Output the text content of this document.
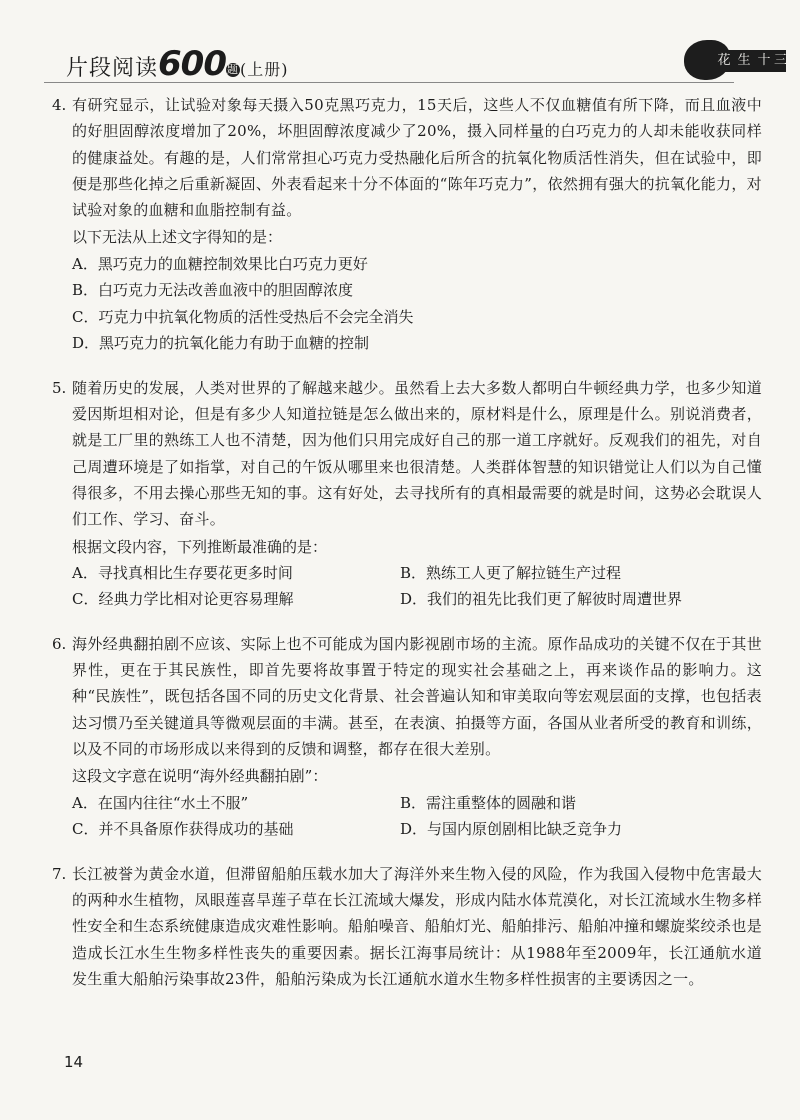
片段阅读600题(上册)	花 生 十 三
4. 有研究显示，让试验对象每天摄入50克黑巧克力，15天后，这些人不仅血糖值有所下降，而且血液中的好胆固醇浓度增加了20%，坏胆固醇浓度减少了20%，摄入同样量的白巧克力的人却未能收获同样的健康益处。有趣的是，人们常常担心巧克力受热融化后所含的抗氧化物质活性消失，但在试验中，即便是那些化掉之后重新凝固、外表看起来十分不体面的“陈年巧克力”，依然拥有强大的抗氧化能力，对试验对象的血糖和血脂控制有益。
以下无法从上述文字得知的是：
A．黑巧克力的血糖控制效果比白巧克力更好
B．白巧克力无法改善血液中的胆固醇浓度
C．巧克力中抗氧化物质的活性受热后不会完全消失
D．黑巧克力的抗氧化能力有助于血糖的控制
5. 随着历史的发展，人类对世界的了解越来越少。虽然看上去大多数人都明白牛顿经典力学，也多少知道爱因斯坦相对论，但是有多少人知道拉链是怎么做出来的，原材料是什么，原理是什么。别说消费者，就是工厂里的熟练工人也不清楚，因为他们只用完成好自己的那一道工序就好。反观我们的祖先，对自己周遭环境是了如指掌，对自己的午饭从哪里来也很清楚。人类群体智慧的知识错觉让人们以为自己懂得很多，不用去操心那些无知的事。这有好处，去寻找所有的真相最需要的就是时间，这势必会耽误人们工作、学习、奋斗。
根据文段内容，下列推断最准确的是：
A．寻找真相比生存要花更多时间	B．熟练工人更了解拉链生产过程
C．经典力学比相对论更容易理解	D．我们的祖先比我们更了解彼时周遭世界
6. 海外经典翻拍剧不应该、实际上也不可能成为国内影视剧市场的主流。原作品成功的关键不仅在于其世界性，更在于其民族性，即首先要将故事置于特定的现实社会基础之上，再来谈作品的影响力。这种“民族性”，既包括各国不同的历史文化背景、社会普遍认知和审美取向等宏观层面的支撑，也包括表达习惯乃至关键道具等微观层面的丰满。甚至，在表演、拍摄等方面，各国从业者所受的教育和训练，以及不同的市场形成以来得到的反馈和调整，都存在很大差别。
这段文字意在说明“海外经典翻拍剧”：
A．在国内往往“水土不服”	B．需注重整体的圆融和谐
C．并不具备原作获得成功的基础	D．与国内原创剧相比缺乏竞争力
7. 长江被誉为黄金水道，但滞留船舶压载水加大了海洋外来生物入侵的风险，作为我国入侵物中危害最大的两种水生植物，凤眼莲喜旱莲子草在长江流域大爆发，形成内陆水体荒漠化，对长江流域水生物多样性安全和生态系统健康造成灾难性影响。船舶噪音、船舶灯光、船舶排污、船舶冲撞和螺旋桨绞杀也是造成长江水生生物多样性丧失的重要因素。据长江海事局统计：从1988年至2009年，长江通航水道发生重大船舶污染事故23件，船舶污染成为长江通航水道水生物多样性损害的主要诱因之一。
14
